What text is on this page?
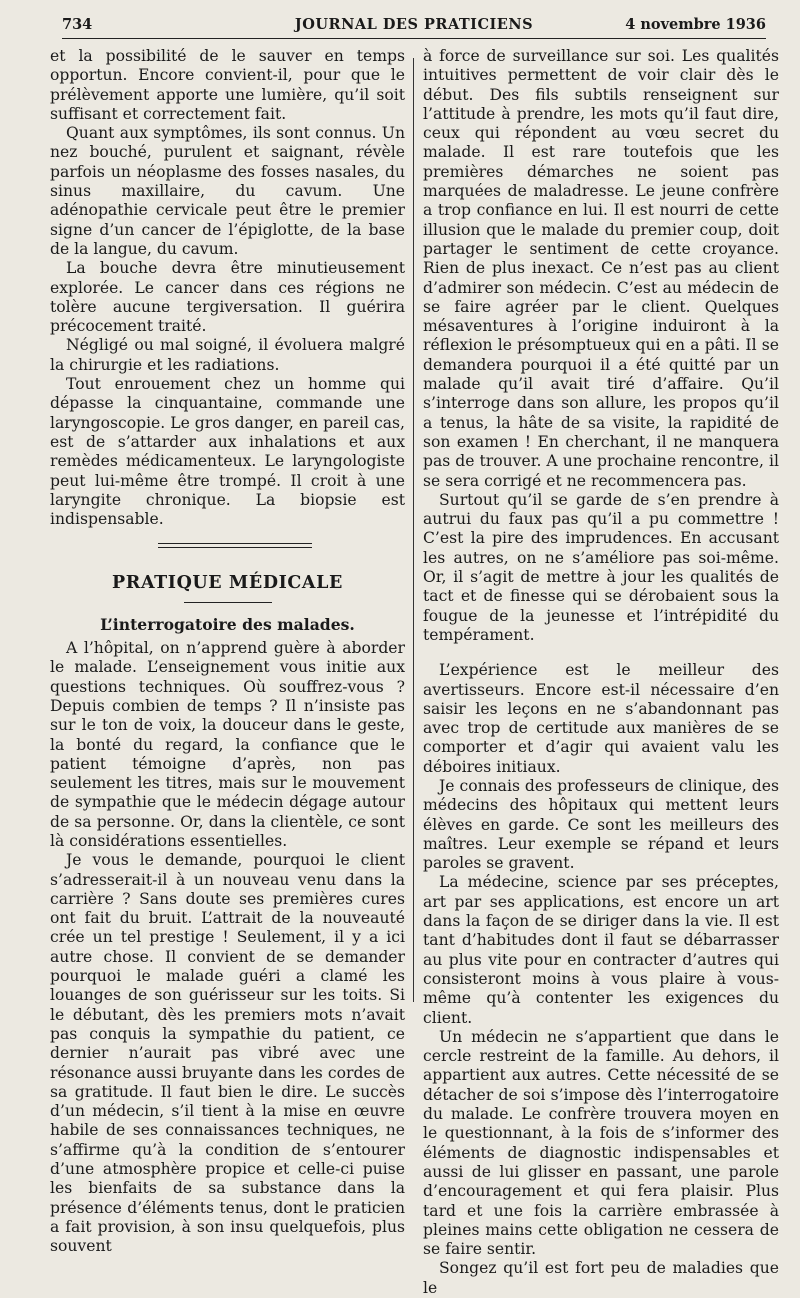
734	JOURNAL DES PRATICIENS	4 novembre 1936

et la possibilité de le sauver en temps opportun. Encore convient-il, pour que le prélèvement apporte une lumière, qu’il soit suffisant et correctement fait.

Quant aux symptômes, ils sont connus. Un nez bouché, purulent et saignant, révèle parfois un néoplasme des fosses nasales, du sinus maxillaire, du cavum. Une adénopathie cervicale peut être le premier signe d’un cancer de l’épiglotte, de la base de la langue, du cavum.

La bouche devra être minutieusement explorée. Le cancer dans ces régions ne tolère aucune tergiversation. Il guérira précocement traité.

Négligé ou mal soigné, il évoluera malgré la chirurgie et les radiations.

Tout enrouement chez un homme qui dépasse la cinquantaine, commande une laryngoscopie. Le gros danger, en pareil cas, est de s’attarder aux inhalations et aux remèdes médicamenteux. Le laryngologiste peut lui-même être trompé. Il croit à une laryngite chronique. La biopsie est indispensable.

PRATIQUE MÉDICALE
L’interrogatoire des malades.

A l’hôpital, on n’apprend guère à aborder le malade. L’enseignement vous initie aux questions techniques. Où souffrez-vous ? Depuis combien de temps ? Il n’insiste pas sur le ton de voix, la douceur dans le geste, la bonté du regard, la confiance que le patient témoigne d’après, non pas seulement les titres, mais sur le mouvement de sympathie que le médecin dégage autour de sa personne. Or, dans la clientèle, ce sont là considérations essentielles.

Je vous le demande, pourquoi le client s’adresserait-il à un nouveau venu dans la carrière ? Sans doute ses premières cures ont fait du bruit. L’attrait de la nouveauté crée un tel prestige ! Seulement, il y a ici autre chose. Il convient de se demander pourquoi le malade guéri a clamé les louanges de son guérisseur sur les toits. Si le débutant, dès les premiers mots n’avait pas conquis la sympathie du patient, ce dernier n’aurait pas vibré avec une résonance aussi bruyante dans les cordes de sa gratitude. Il faut bien le dire. Le succès d’un médecin, s’il tient à la mise en œuvre habile de ses connaissances techniques, ne s’affirme qu’à la condition de s’entourer d’une atmosphère propice et celle-ci puise les bienfaits de sa substance dans la présence d’éléments tenus, dont le praticien a fait provision, à son insu quelquefois, plus souvent

à force de surveillance sur soi. Les qualités intuitives permettent de voir clair dès le début. Des fils subtils renseignent sur l’attitude à prendre, les mots qu’il faut dire, ceux qui répondent au vœu secret du malade. Il est rare toutefois que les premières démarches ne soient pas marquées de maladresse. Le jeune confrère a trop confiance en lui. Il est nourri de cette illusion que le malade du premier coup, doit partager le sentiment de cette croyance. Rien de plus inexact. Ce n’est pas au client d’admirer son médecin. C’est au médecin de se faire agréer par le client. Quelques mésaventures à l’origine induiront à la réflexion le présomptueux qui en a pâti. Il se demandera pourquoi il a été quitté par un malade qu’il avait tiré d’affaire. Qu’il s’interroge dans son allure, les propos qu’il a tenus, la hâte de sa visite, la rapidité de son examen ! En cherchant, il ne manquera pas de trouver. A une prochaine rencontre, il se sera corrigé et ne recommencera pas.

Surtout qu’il se garde de s’en prendre à autrui du faux pas qu’il a pu commettre ! C’est la pire des imprudences. En accusant les autres, on ne s’améliore pas soi-même. Or, il s’agit de mettre à jour les qualités de tact et de finesse qui se dérobaient sous la fougue de la jeunesse et l’intrépidité du tempérament.

L’expérience est le meilleur des avertisseurs. Encore est-il nécessaire d’en saisir les leçons en ne s’abandonnant pas avec trop de certitude aux manières de se comporter et d’agir qui avaient valu les déboires initiaux.

Je connais des professeurs de clinique, des médecins des hôpitaux qui mettent leurs élèves en garde. Ce sont les meilleurs des maîtres. Leur exemple se répand et leurs paroles se gravent.

La médecine, science par ses préceptes, art par ses applications, est encore un art dans la façon de se diriger dans la vie. Il est tant d’habitudes dont il faut se débarrasser au plus vite pour en contracter d’autres qui consisteront moins à vous plaire à vous-même qu’à contenter les exigences du client.

Un médecin ne s’appartient que dans le cercle restreint de la famille. Au dehors, il appartient aux autres. Cette nécessité de se détacher de soi s’impose dès l’interrogatoire du malade. Le confrère trouvera moyen en le questionnant, à la fois de s’informer des éléments de diagnostic indispensables et aussi de lui glisser en passant, une parole d’encouragement et qui fera plaisir. Plus tard et une fois la carrière embrassée à pleines mains cette obligation ne cessera de se faire sentir.

Songez qu’il est fort peu de maladies que le
